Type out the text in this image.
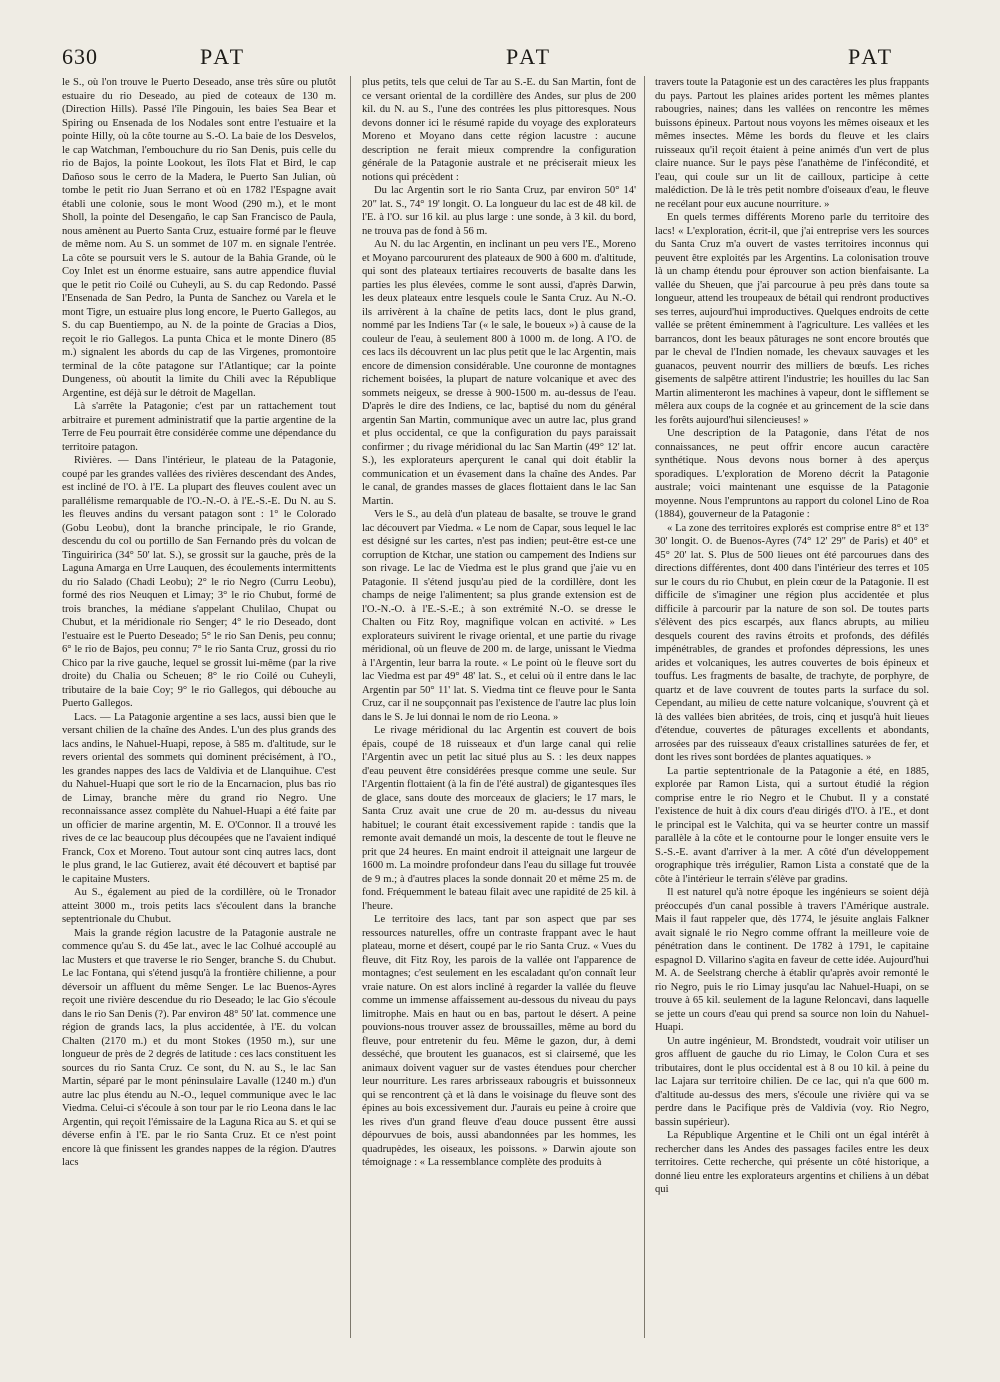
630	PAT	PAT	PAT

le S., où l'on trouve le Puerto Deseado, anse très sûre ou plutôt estuaire du rio Deseado, au pied de coteaux de 130 m. (Direction Hills). Passé l'île Pingouin, les baies Sea Bear et Spiring ou Ensenada de los Nodales sont entre l'estuaire et la pointe Hilly, où la côte tourne au S.-O. La baie de los Desvelos, le cap Watchman, l'embouchure du rio San Denis, puis celle du rio de Bajos, la pointe Lookout, les îlots Flat et Bird, le cap Dañoso sous le cerro de la Madera, le Puerto San Julian, où tombe le petit rio Juan Serrano et où en 1782 l'Espagne avait établi une colonie, sous le mont Wood (290 m.), et le mont Sholl, la pointe del Desengaño, le cap San Francisco de Paula, nous amènent au Puerto Santa Cruz, estuaire formé par le fleuve de même nom. Au S. un sommet de 107 m. en signale l'entrée. La côte se poursuit vers le S. autour de la Bahia Grande, où le Coy Inlet est un énorme estuaire, sans autre appendice fluvial que le petit rio Coilé ou Cuheyli, au S. du cap Redondo. Passé l'Ensenada de San Pedro, la Punta de Sanchez ou Varela et le mont Tigre, un estuaire plus long encore, le Puerto Gallegos, au S. du cap Buentiempo, au N. de la pointe de Gracias a Dios, reçoit le rio Gallegos. La punta Chica et le monte Dinero (85 m.) signalent les abords du cap de las Virgenes, promontoire terminal de la côte patagone sur l'Atlantique; car la pointe Dungeness, où aboutit la limite du Chili avec la République Argentine, est déjà sur le détroit de Magellan.

Là s'arrête la Patagonie; c'est par un rattachement tout arbitraire et purement administratif que la partie argentine de la Terre de Feu pourrait être considérée comme une dépendance du territoire patagon.

Rivières. — Dans l'intérieur, le plateau de la Patagonie, coupé par les grandes vallées des rivières descendant des Andes, est incliné de l'O. à l'E. La plupart des fleuves coulent avec un parallélisme remarquable de l'O.-N.-O. à l'E.-S.-E. Du N. au S. les fleuves andins du versant patagon sont : 1° le Colorado (Gobu Leobu), dont la branche principale, le rio Grande, descendu du col ou portillo de San Fernando près du volcan de Tinguiririca (34° 50' lat. S.), se grossit sur la gauche, près de la Laguna Amarga en Urre Lauquen, des écoulements intermittents du rio Salado (Chadi Leobu); 2° le rio Negro (Curru Leobu), formé des rios Neuquen et Limay; 3° le rio Chubut, formé de trois branches, la médiane s'appelant Chulilao, Chupat ou Chubut, et la méridionale rio Senger; 4° le rio Deseado, dont l'estuaire est le Puerto Deseado; 5° le rio San Denis, peu connu; 6° le rio de Bajos, peu connu; 7° le rio Santa Cruz, grossi du rio Chico par la rive gauche, lequel se grossit lui-même (par la rive droite) du Chalia ou Scheuen; 8° le rio Coilé ou Cuheyli, tributaire de la baie Coy; 9° le rio Gallegos, qui débouche au Puerto Gallegos.

Lacs. — La Patagonie argentine a ses lacs, aussi bien que le versant chilien de la chaîne des Andes. L'un des plus grands des lacs andins, le Nahuel-Huapi, repose, à 585 m. d'altitude, sur le revers oriental des sommets qui dominent précisément, à l'O., les grandes nappes des lacs de Valdivia et de Llanquihue. C'est du Nahuel-Huapi que sort le rio de la Encarnacion, plus bas rio de Limay, branche mère du grand rio Negro. Une reconnaissance assez complète du Nahuel-Huapi a été faite par un officier de marine argentin, M. E. O'Connor. Il a trouvé les rives de ce lac beaucoup plus découpées que ne l'avaient indiqué Franck, Cox et Moreno. Tout autour sont cinq autres lacs, dont le plus grand, le lac Gutierez, avait été découvert et baptisé par le capitaine Musters.

Au S., également au pied de la cordillère, où le Tronador atteint 3000 m., trois petits lacs s'écoulent dans la branche septentrionale du Chubut.

Mais la grande région lacustre de la Patagonie australe ne commence qu'au S. du 45e lat., avec le lac Colhué accouplé au lac Musters et que traverse le rio Senger, branche S. du Chubut. Le lac Fontana, qui s'étend jusqu'à la frontière chilienne, a pour déversoir un affluent du même Senger. Le lac Buenos-Ayres reçoit une rivière descendue du rio Deseado; le lac Gio s'écoule dans le rio San Denis (?). Par environ 48° 50' lat. commence une région de grands lacs, la plus accidentée, à l'E. du volcan Chalten (2170 m.) et du mont Stokes (1950 m.), sur une longueur de près de 2 degrés de latitude : ces lacs constituent les sources du rio Santa Cruz. Ce sont, du N. au S., le lac San Martin, séparé par le mont péninsulaire Lavalle (1240 m.) d'un autre lac plus étendu au N.-O., lequel communique avec le lac Viedma. Celui-ci s'écoule à son tour par le rio Leona dans le lac Argentin, qui reçoit l'émissaire de la Laguna Rica au S. et qui se déverse enfin à l'E. par le rio Santa Cruz. Et ce n'est point encore là que finissent les grandes nappes de la région. D'autres lacs

plus petits, tels que celui de Tar au S.-E. du San Martin, font de ce versant oriental de la cordillère des Andes, sur plus de 200 kil. du N. au S., l'une des contrées les plus pittoresques. Nous devons donner ici le résumé rapide du voyage des explorateurs Moreno et Moyano dans cette région lacustre : aucune description ne ferait mieux comprendre la configuration générale de la Patagonie australe et ne préciserait mieux les notions qui précèdent :

Du lac Argentin sort le rio Santa Cruz, par environ 50° 14' 20" lat. S., 74° 19' longit. O. La longueur du lac est de 48 kil. de l'E. à l'O. sur 16 kil. au plus large : une sonde, à 3 kil. du bord, ne trouva pas de fond à 56 m.

Au N. du lac Argentin, en inclinant un peu vers l'E., Moreno et Moyano parcoururent des plateaux de 900 à 600 m. d'altitude, qui sont des plateaux tertiaires recouverts de basalte dans les parties les plus élevées, comme le sont aussi, d'après Darwin, les deux plateaux entre lesquels coule le Santa Cruz. Au N.-O. ils arrivèrent à la chaîne de petits lacs, dont le plus grand, nommé par les Indiens Tar (« le sale, le boueux ») à cause de la couleur de l'eau, à seulement 800 à 1000 m. de long. A l'O. de ces lacs ils découvrent un lac plus petit que le lac Argentin, mais encore de dimension considérable. Une couronne de montagnes richement boisées, la plupart de nature volcanique et avec des sommets neigeux, se dresse à 900-1500 m. au-dessus de l'eau. D'après le dire des Indiens, ce lac, baptisé du nom du général argentin San Martin, communique avec un autre lac, plus grand et plus occidental, ce que la configuration du pays paraissait confirmer ; du rivage méridional du lac San Martin (49° 12' lat. S.), les explorateurs aperçurent le canal qui doit établir la communication et un évasement dans la chaîne des Andes. Par le canal, de grandes masses de glaces flottaient dans le lac San Martin.

Vers le S., au delà d'un plateau de basalte, se trouve le grand lac découvert par Viedma. « Le nom de Capar, sous lequel le lac est désigné sur les cartes, n'est pas indien; peut-être est-ce une corruption de Ktchar, une station ou campement des Indiens sur son rivage. Le lac de Viedma est le plus grand que j'aie vu en Patagonie. Il s'étend jusqu'au pied de la cordillère, dont les champs de neige l'alimentent; sa plus grande extension est de l'O.-N.-O. à l'E.-S.-E.; à son extrémité N.-O. se dresse le Chalten ou Fitz Roy, magnifique volcan en activité. » Les explorateurs suivirent le rivage oriental, et une partie du rivage méridional, où un fleuve de 200 m. de large, unissant le Viedma à l'Argentin, leur barra la route. « Le point où le fleuve sort du lac Viedma est par 49° 48' lat. S., et celui où il entre dans le lac Argentin par 50° 11' lat. S. Viedma tint ce fleuve pour le Santa Cruz, car il ne soupçonnait pas l'existence de l'autre lac plus loin dans le S. Je lui donnai le nom de rio Leona. »

Le rivage méridional du lac Argentin est couvert de bois épais, coupé de 18 ruisseaux et d'un large canal qui relie l'Argentin avec un petit lac situé plus au S. : les deux nappes d'eau peuvent être considérées presque comme une seule. Sur l'Argentin flottaient (à la fin de l'été austral) de gigantesques îles de glace, sans doute des morceaux de glaciers; le 17 mars, le Santa Cruz avait une crue de 20 m. au-dessus du niveau habituel; le courant était excessivement rapide : tandis que la remonte avait demandé un mois, la descente de tout le fleuve ne prit que 24 heures. En maint endroit il atteignait une largeur de 1600 m. La moindre profondeur dans l'eau du sillage fut trouvée de 9 m.; à d'autres places la sonde donnait 20 et même 25 m. de fond. Fréquemment le bateau filait avec une rapidité de 25 kil. à l'heure.

Le territoire des lacs, tant par son aspect que par ses ressources naturelles, offre un contraste frappant avec le haut plateau, morne et désert, coupé par le rio Santa Cruz. « Vues du fleuve, dit Fitz Roy, les parois de la vallée ont l'apparence de montagnes; c'est seulement en les escaladant qu'on connaît leur vraie nature. On est alors incliné à regarder la vallée du fleuve comme un immense affaissement au-dessous du niveau du pays limitrophe. Mais en haut ou en bas, partout le désert. A peine pouvions-nous trouver assez de broussailles, même au bord du fleuve, pour entretenir du feu. Même le gazon, dur, à demi desséché, que broutent les guanacos, est si clairsemé, que les animaux doivent vaguer sur de vastes étendues pour chercher leur nourriture. Les rares arbrisseaux rabougris et buissonneux qui se rencontrent çà et là dans le voisinage du fleuve sont des épines au bois excessivement dur. J'aurais eu peine à croire que les rives d'un grand fleuve d'eau douce pussent être aussi dépourvues de bois, aussi abandonnées par les hommes, les quadrupèdes, les oiseaux, les poissons. » Darwin ajoute son témoignage : « La ressemblance complète des produits à

travers toute la Patagonie est un des caractères les plus frappants du pays. Partout les plaines arides portent les mêmes plantes rabougries, naines; dans les vallées on rencontre les mêmes buissons épineux. Partout nous voyons les mêmes oiseaux et les mêmes insectes. Même les bords du fleuve et les clairs ruisseaux qu'il reçoit étaient à peine animés d'un vert de plus claire nuance. Sur le pays pèse l'anathème de l'infécondité, et l'eau, qui coule sur un lit de cailloux, participe à cette malédiction. De là le très petit nombre d'oiseaux d'eau, le fleuve ne recélant pour eux aucune nourriture. »

En quels termes différents Moreno parle du territoire des lacs! « L'exploration, écrit-il, que j'ai entreprise vers les sources du Santa Cruz m'a ouvert de vastes territoires inconnus qui peuvent être exploités par les Argentins. La colonisation trouve là un champ étendu pour éprouver son action bienfaisante. La vallée du Sheuen, que j'ai parcourue à peu près dans toute sa longueur, attend les troupeaux de bétail qui rendront productives ses terres, aujourd'hui improductives. Quelques endroits de cette vallée se prêtent éminemment à l'agriculture. Les vallées et les barrancos, dont les beaux pâturages ne sont encore broutés que par le cheval de l'Indien nomade, les chevaux sauvages et les guanacos, peuvent nourrir des milliers de bœufs. Les riches gisements de salpêtre attirent l'industrie; les houilles du lac San Martin alimenteront les machines à vapeur, dont le sifflement se mêlera aux coups de la cognée et au grincement de la scie dans les forêts aujourd'hui silencieuses! »

Une description de la Patagonie, dans l'état de nos connaissances, ne peut offrir encore aucun caractère synthétique. Nous devons nous borner à des aperçus sporadiques. L'exploration de Moreno décrit la Patagonie australe; voici maintenant une esquisse de la Patagonie moyenne. Nous l'empruntons au rapport du colonel Lino de Roa (1884), gouverneur de la Patagonie :

« La zone des territoires explorés est comprise entre 8° et 13° 30' longit. O. de Buenos-Ayres (74° 12' 29" de Paris) et 40° et 45° 20' lat. S. Plus de 500 lieues ont été parcourues dans des directions différentes, dont 400 dans l'intérieur des terres et 105 sur le cours du rio Chubut, en plein cœur de la Patagonie. Il est difficile de s'imaginer une région plus accidentée et plus difficile à parcourir par la nature de son sol. De toutes parts s'élèvent des pics escarpés, aux flancs abrupts, au milieu desquels courent des ravins étroits et profonds, des défilés impénétrables, de grandes et profondes dépressions, les unes arides et volcaniques, les autres couvertes de bois épineux et touffus. Les fragments de basalte, de trachyte, de porphyre, de quartz et de lave couvrent de toutes parts la surface du sol. Cependant, au milieu de cette nature volcanique, s'ouvrent çà et là des vallées bien abritées, de trois, cinq et jusqu'à huit lieues d'étendue, couvertes de pâturages excellents et abondants, arrosées par des ruisseaux d'eaux cristallines saturées de fer, et dont les rives sont bordées de plantes aquatiques. »

La partie septentrionale de la Patagonie a été, en 1885, explorée par Ramon Lista, qui a surtout étudié la région comprise entre le rio Negro et le Chubut. Il y a constaté l'existence de huit à dix cours d'eau dirigés d'l'O. à l'E., et dont le principal est le Valchita, qui va se heurter contre un massif parallèle à la côte et le contourne pour le longer ensuite vers le S.-S.-E. avant d'arriver à la mer. A côté d'un développement orographique très irrégulier, Ramon Lista a constaté que de la côte à l'intérieur le terrain s'élève par gradins.

Il est naturel qu'à notre époque les ingénieurs se soient déjà préoccupés d'un canal possible à travers l'Amérique australe. Mais il faut rappeler que, dès 1774, le jésuite anglais Falkner avait signalé le rio Negro comme offrant la meilleure voie de pénétration dans le continent. De 1782 à 1791, le capitaine espagnol D. Villarino s'agita en faveur de cette idée. Aujourd'hui M. A. de Seelstrang cherche à établir qu'après avoir remonté le rio Negro, puis le rio Limay jusqu'au lac Nahuel-Huapi, on se trouve à 65 kil. seulement de la lagune Reloncavi, dans laquelle se jette un cours d'eau qui prend sa source non loin du Nahuel-Huapi.

Un autre ingénieur, M. Brondstedt, voudrait voir utiliser un gros affluent de gauche du rio Limay, le Colon Cura et ses tributaires, dont le plus occidental est à 8 ou 10 kil. à peine du lac Lajara sur territoire chilien. De ce lac, qui n'a que 600 m. d'altitude au-dessus des mers, s'écoule une rivière qui va se perdre dans le Pacifique près de Valdivia (voy. Rio Negro, bassin supérieur).

La République Argentine et le Chili ont un égal intérêt à rechercher dans les Andes des passages faciles entre les deux territoires. Cette recherche, qui présente un côté historique, a donné lieu entre les explorateurs argentins et chiliens à un débat qui
